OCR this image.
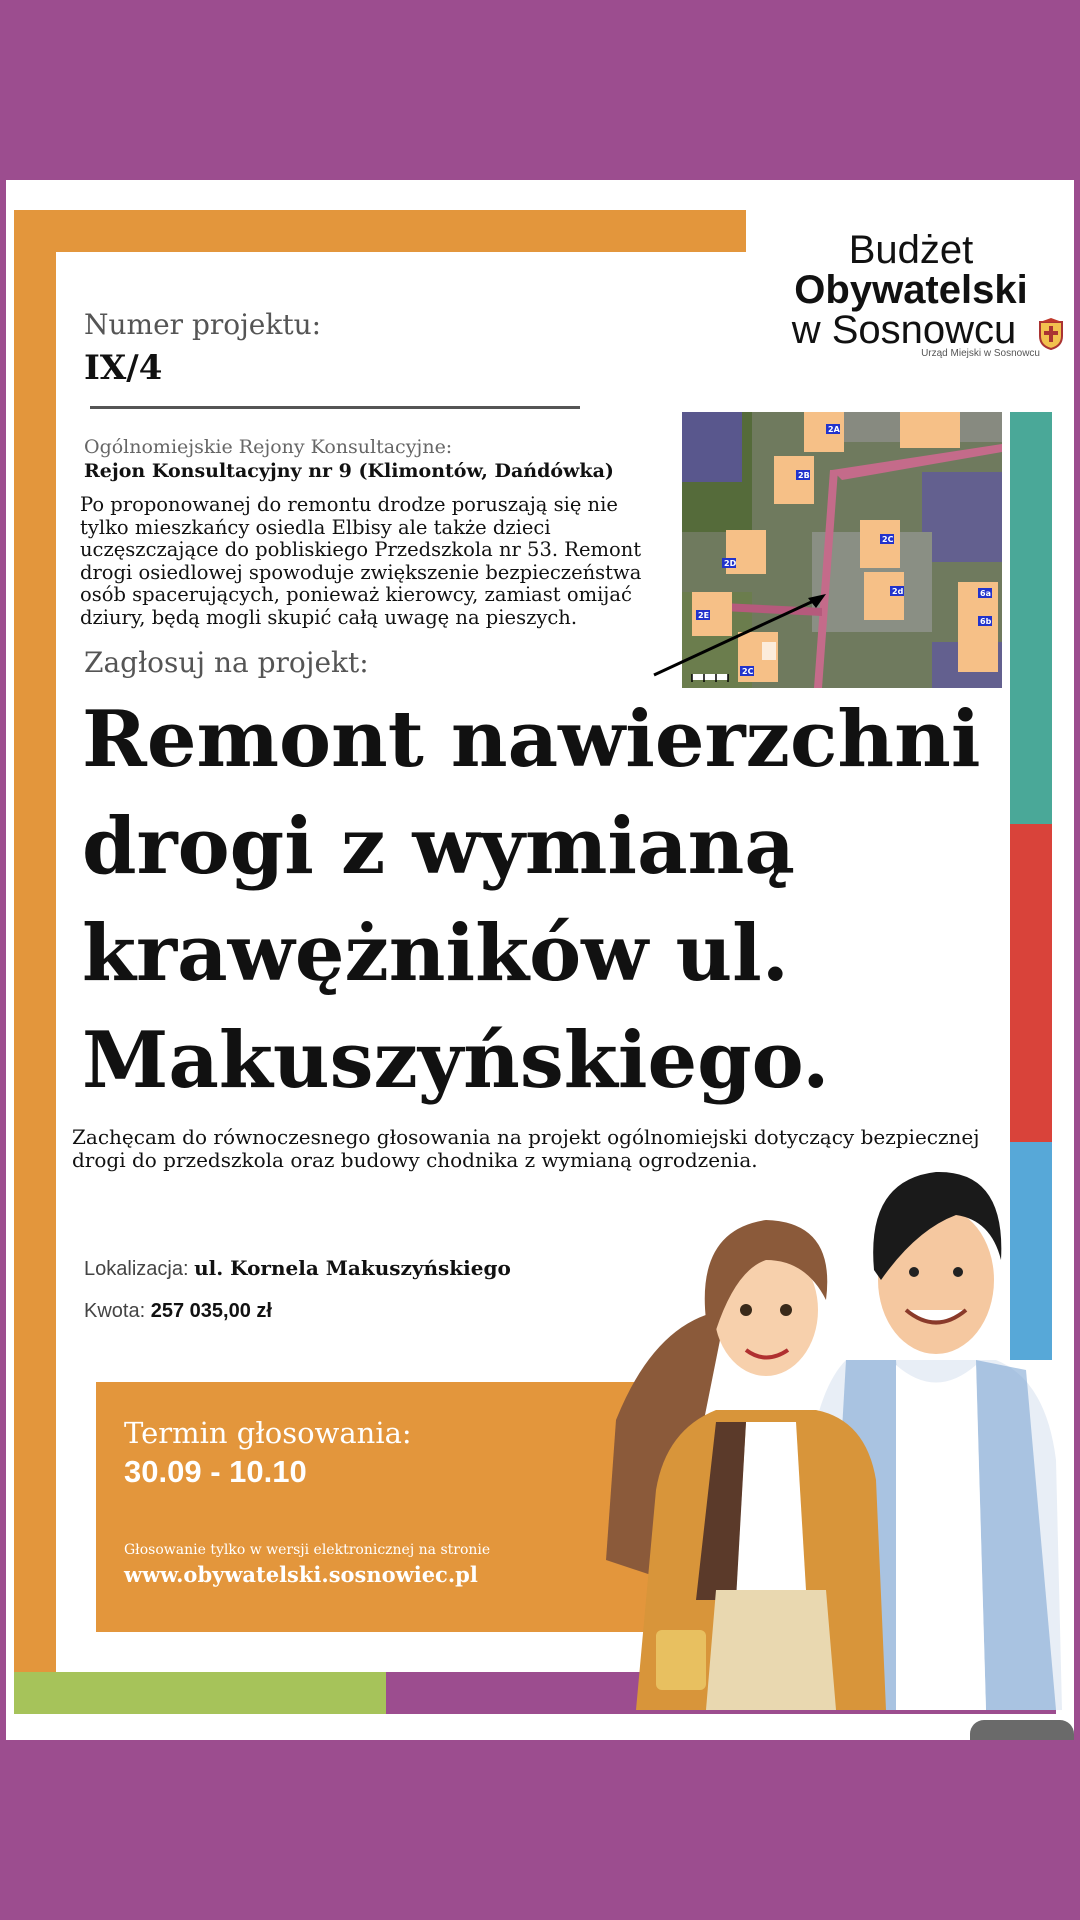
Budżet
Obywatelski
w Sosnowcu
Urząd Miejski w Sosnowcu
Numer projektu:
IX/4
Ogólnomiejskie Rejony Konsultacyjne:
Rejon Konsultacyjny nr 9 (Klimontów, Dańdówka)
Po proponowanej do remontu drodze poruszają się nie tylko mieszkańcy osiedla Elbisy ale także dzieci uczęszczające do pobliskiego Przedszkola nr 53. Remont drogi osiedlowej spowoduje zwiększenie bezpieczeństwa osób spacerujących, ponieważ kierowcy, zamiast omijać dziury, będą mogli skupić całą uwagę na pieszych.
2A
2B
2C
2D
2d
2E
2C
6a
6b
Zagłosuj na projekt:
Remont nawierzchni drogi z wymianą krawężników ul. Makuszyńskiego.
Zachęcam do równoczesnego głosowania na projekt ogólnomiejski dotyczący bezpiecznej drogi do przedszkola oraz budowy chodnika z wymianą ogrodzenia.
Lokalizacja: ul. Kornela Makuszyńskiego
Kwota: 257 035,00 zł
Termin głosowania:
30.09 - 10.10
Głosowanie tylko w wersji elektronicznej na stronie
www.obywatelski.sosnowiec.pl
